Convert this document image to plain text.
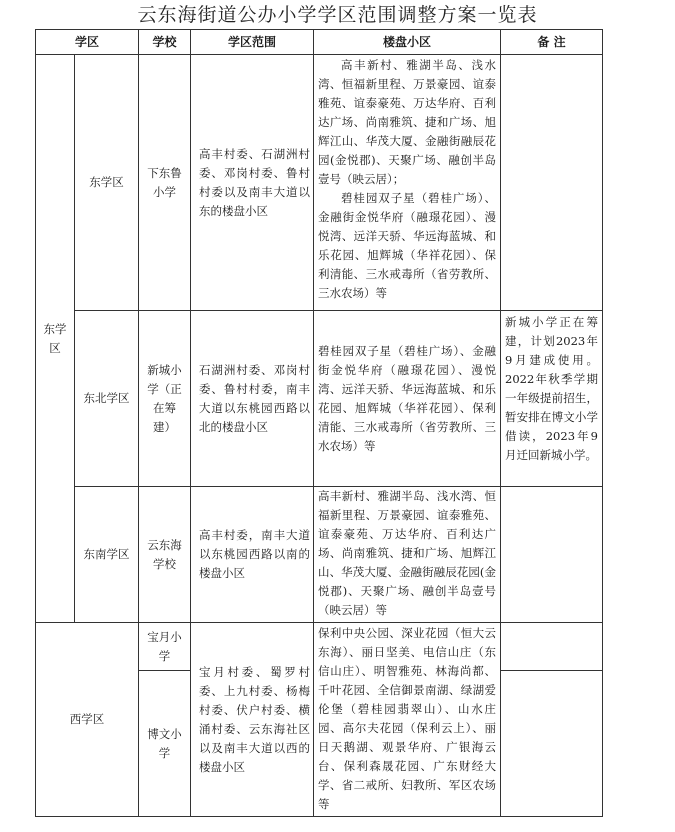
云东海街道公办小学学区范围调整方案一览表
学区		学校	学区范围	楼盘小区	备 注
东学区	东学区	下东鲁小学	高丰村委、石湖洲村委、邓岗村委、鲁村村委以及南丰大道以东的楼盘小区	高丰新村、雅湖半岛、浅水湾、恒福新里程、万景豪园、谊泰雅苑、谊泰豪苑、万达华府、百利达广场、尚南雅筑、捷和广场、旭辉江山、华茂大厦、金融街融辰花园(金悦郡)、天聚广场、融创半岛壹号（映云居）；
碧桂园双子星（碧桂广场）、金融街金悦华府（融璟花园）、漫悦湾、远洋天骄、华远海蓝城、和乐花园、旭辉城（华祥花园）、保利清能、三水戒毒所（省劳教所、三水农场）等	

	东北学区	新城小学（正在筹建）	石湖洲村委、邓岗村委、鲁村村委，南丰大道以东桃园西路以北的楼盘小区	碧桂园双子星（碧桂广场）、金融街金悦华府（融璟花园）、漫悦湾、远洋天骄、华远海蓝城、和乐花园、旭辉城（华祥花园）、保利清能、三水戒毒所（省劳教所、三水农场）等	新城小学正在筹建，计划2023年9月建成使用。2022年秋季学期一年级提前招生，暂安排在博文小学借读，2023年9月迁回新城小学。
	东南学区	云东海学校	高丰村委，南丰大道以东桃园西路以南的楼盘小区	高丰新村、雅湖半岛、浅水湾、恒福新里程、万景豪园、谊泰雅苑、谊泰豪苑、万达华府、百利达广场、尚南雅筑、捷和广场、旭辉江山、华茂大厦、金融街融辰花园(金悦郡)、天聚广场、融创半岛壹号（映云居）等	

西学区		宝月小学	宝月村委、蜀罗村委、上九村委、杨梅村委、伏户村委、横涌村委、云东海社区以及南丰大道以西的楼盘小区	保利中央公园、深业花园（恒大云东海）、丽日坚美、电信山庄（东信山庄）、明智雅苑、林海尚都、千叶花园、全信御景南湖、绿湖爱伦堡（碧桂园翡翠山）、山水庄园、高尔夫花园（保利云上）、丽日天鹅湖、观景华府、广银海云台、保利森晟花园、广东财经大学、省二戒所、妇教所、军区农场等	
		博文小学			
